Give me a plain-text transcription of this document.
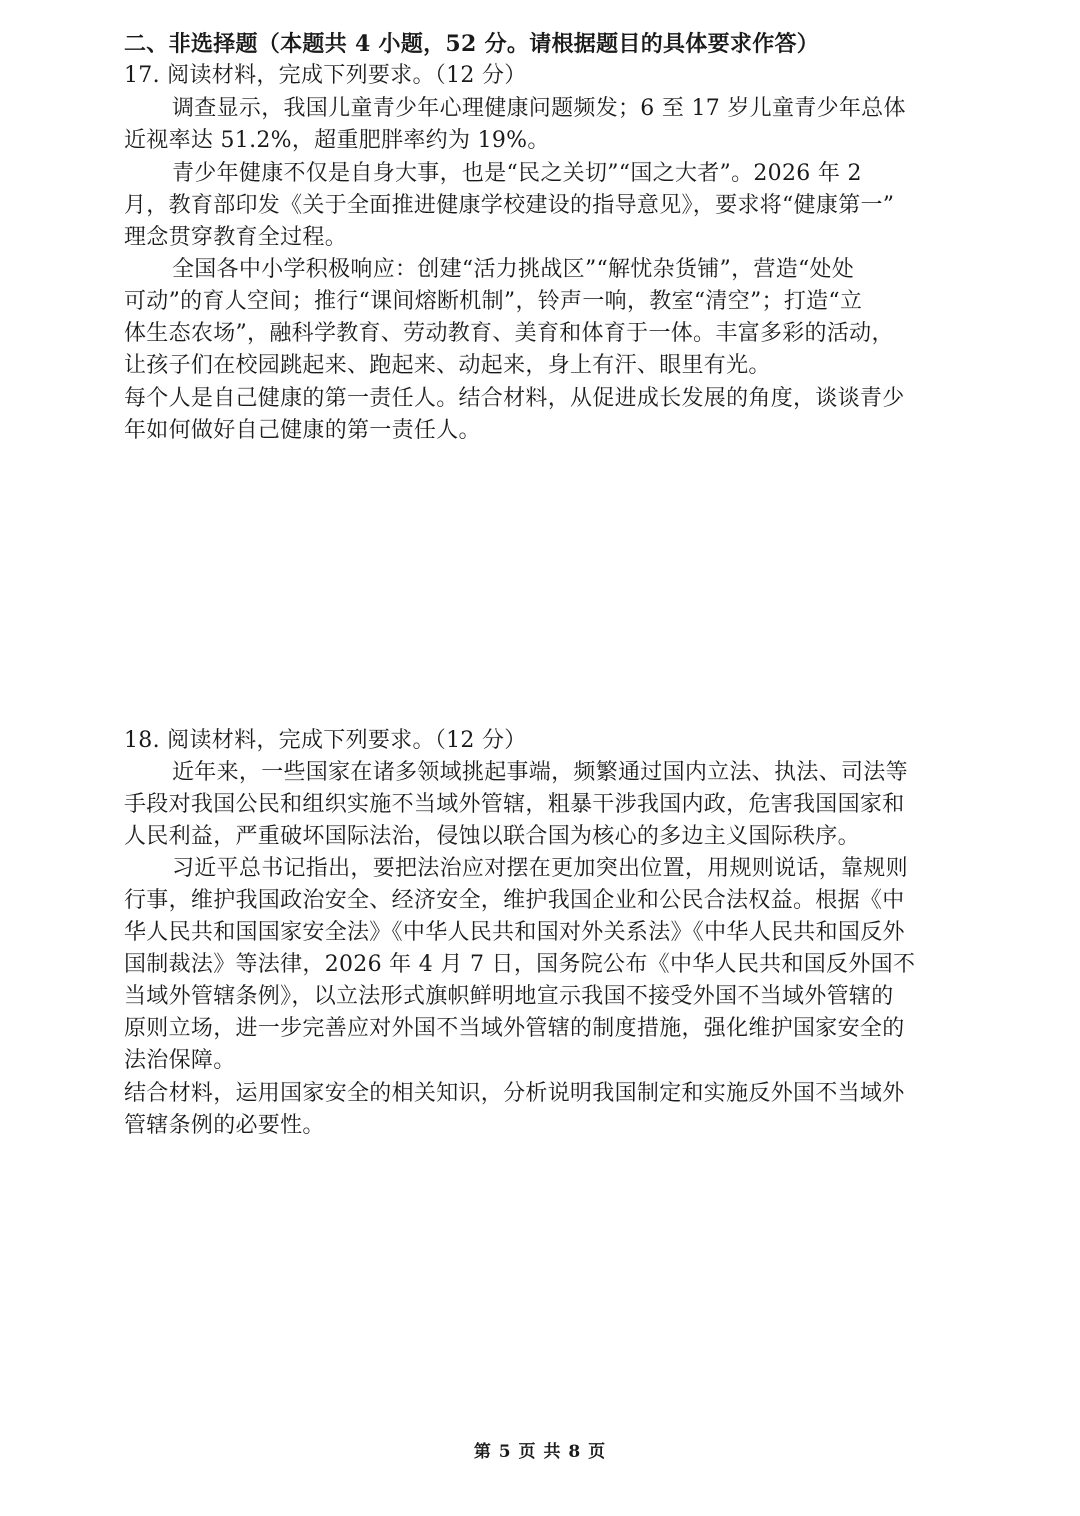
二、非选择题（本题共 4 小题，52 分。请根据题目的具体要求作答）
17. 阅读材料，完成下列要求。（12 分）
调查显示，我国儿童青少年心理健康问题频发；6 至 17 岁儿童青少年总体
近视率达 51.2%，超重肥胖率约为 19%。
青少年健康不仅是自身大事，也是“民之关切”“国之大者”。2026 年 2
月，教育部印发《关于全面推进健康学校建设的指导意见》，要求将“健康第一”
理念贯穿教育全过程。
全国各中小学积极响应：创建“活力挑战区”“解忧杂货铺”，营造“处处
可动”的育人空间；推行“课间熔断机制”，铃声一响，教室“清空”；打造“立
体生态农场”，融科学教育、劳动教育、美育和体育于一体。丰富多彩的活动，
让孩子们在校园跳起来、跑起来、动起来，身上有汗、眼里有光。
每个人是自己健康的第一责任人。结合材料，从促进成长发展的角度，谈谈青少
年如何做好自己健康的第一责任人。
18. 阅读材料，完成下列要求。（12 分）
近年来，一些国家在诸多领域挑起事端，频繁通过国内立法、执法、司法等
手段对我国公民和组织实施不当域外管辖，粗暴干涉我国内政，危害我国国家和
人民利益，严重破坏国际法治，侵蚀以联合国为核心的多边主义国际秩序。
习近平总书记指出，要把法治应对摆在更加突出位置，用规则说话，靠规则
行事，维护我国政治安全、经济安全，维护我国企业和公民合法权益。根据《中
华人民共和国国家安全法》《中华人民共和国对外关系法》《中华人民共和国反外
国制裁法》等法律，2026 年 4 月 7 日，国务院公布《中华人民共和国反外国不
当域外管辖条例》，以立法形式旗帜鲜明地宣示我国不接受外国不当域外管辖的
原则立场，进一步完善应对外国不当域外管辖的制度措施，强化维护国家安全的
法治保障。
结合材料，运用国家安全的相关知识，分析说明我国制定和实施反外国不当域外
管辖条例的必要性。
第 5 页 共 8 页
